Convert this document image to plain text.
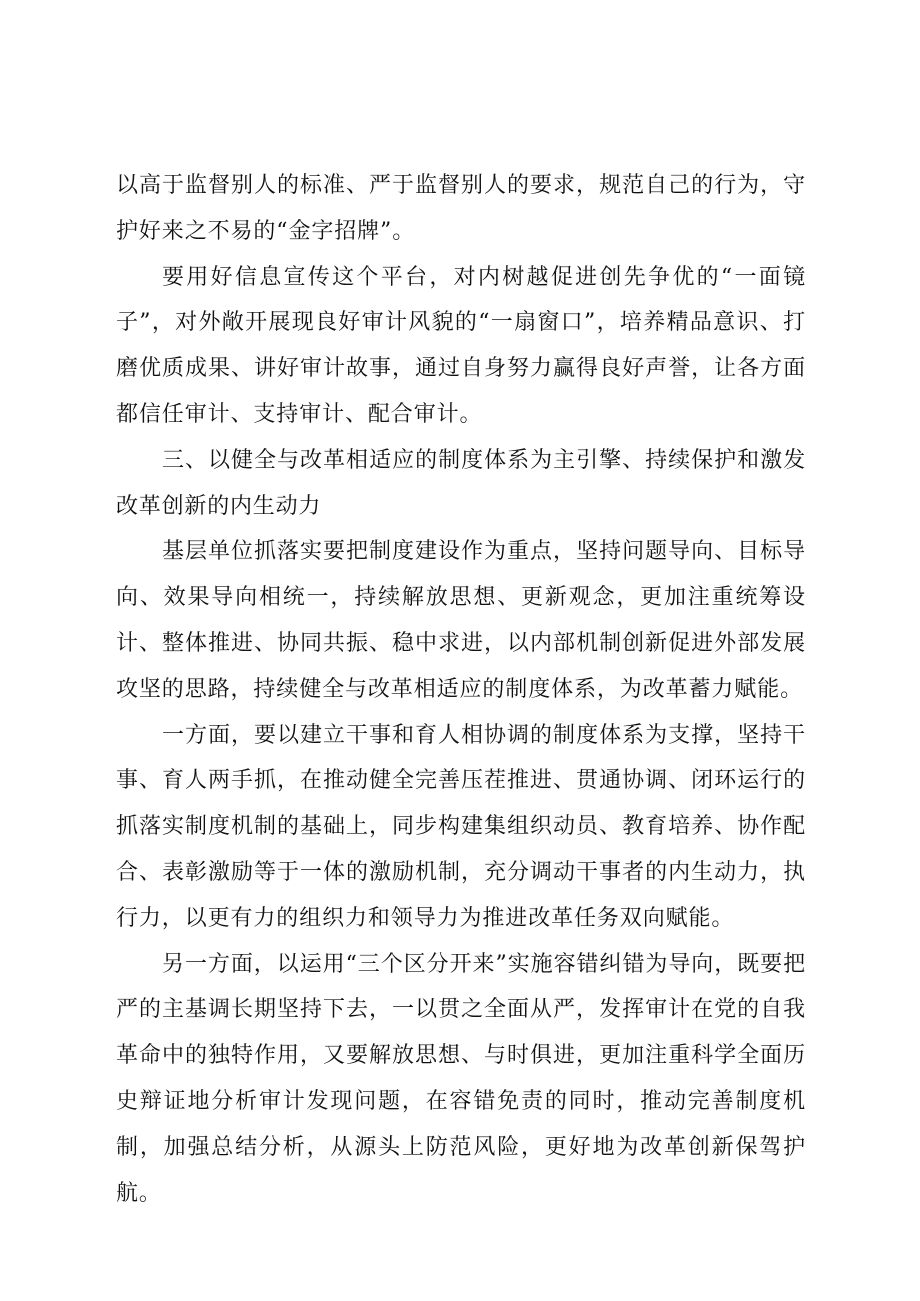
以高于监督别人的标准、严于监督别人的要求，规范自己的行为，守护好来之不易的“金字招牌”。

要用好信息宣传这个平台，对内树越促进创先争优的“一面镜子”，对外敞开展现良好审计风貌的“一扇窗口”，培养精品意识、打磨优质成果、讲好审计故事，通过自身努力赢得良好声誉，让各方面都信任审计、支持审计、配合审计。

三、以健全与改革相适应的制度体系为主引擎、持续保护和激发改革创新的内生动力

基层单位抓落实要把制度建设作为重点，坚持问题导向、目标导向、效果导向相统一，持续解放思想、更新观念，更加注重统筹设计、整体推进、协同共振、稳中求进，以内部机制创新促进外部发展攻坚的思路，持续健全与改革相适应的制度体系，为改革蓄力赋能。

一方面，要以建立干事和育人相协调的制度体系为支撑，坚持干事、育人两手抓，在推动健全完善压茬推进、贯通协调、闭环运行的抓落实制度机制的基础上，同步构建集组织动员、教育培养、协作配合、表彰激励等于一体的激励机制，充分调动干事者的内生动力，执行力，以更有力的组织力和领导力为推进改革任务双向赋能。

另一方面，以运用“三个区分开来”实施容错纠错为导向，既要把严的主基调长期坚持下去，一以贯之全面从严，发挥审计在党的自我革命中的独特作用，又要解放思想、与时俱进，更加注重科学全面历史辩证地分析审计发现问题，在容错免责的同时，推动完善制度机制，加强总结分析，从源头上防范风险，更好地为改革创新保驾护航。
